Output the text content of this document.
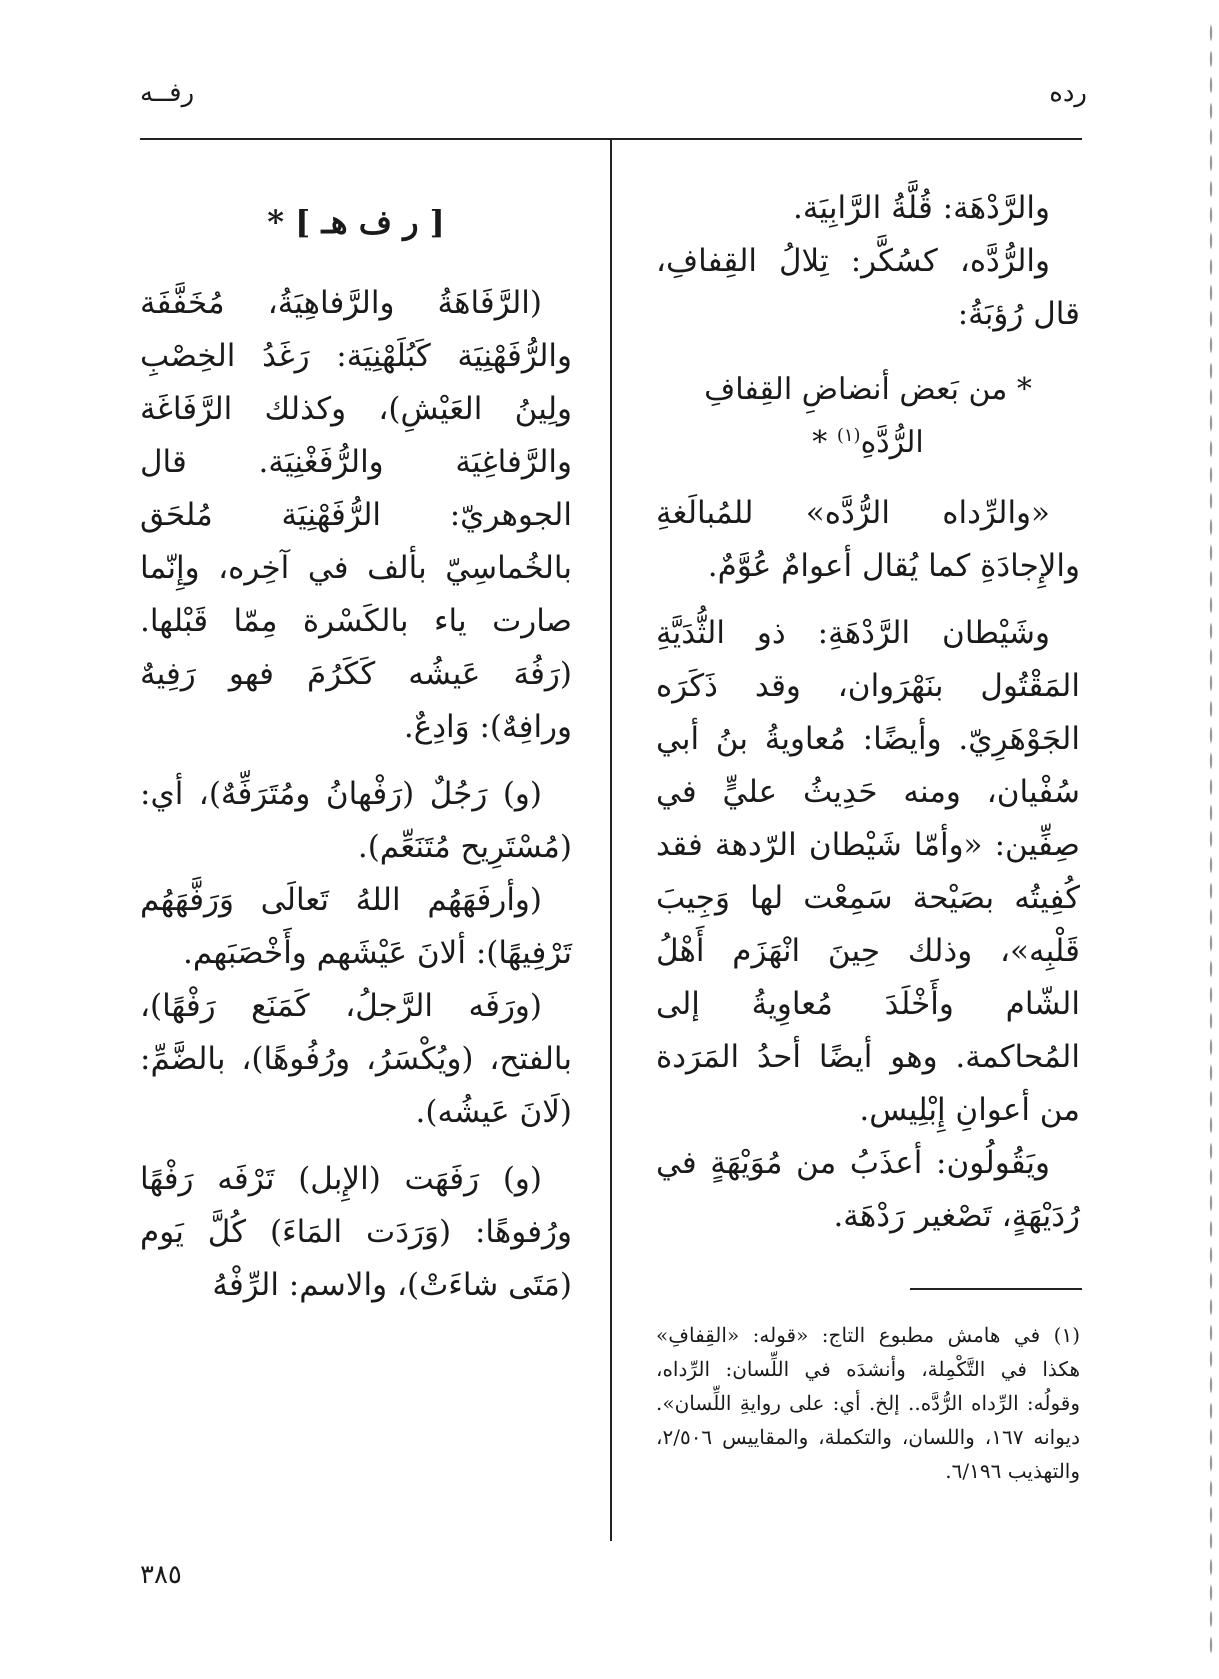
رده
رفــه

والرَّدْهَة: قُلَّةُ الرَّابِيَة.

والرُّدَّه، كسُكَّر: تِلالُ القِفافِ، قال رُؤبَةُ:

* من بَعض أنضاضِ القِفافِ الرُّدَّهِ$^{(١)}$ *

«والرِّداه الرُّدَّه» للمُبالَغةِ والإِجادَةِ كما يُقال أعوامٌ عُوَّمٌ.

وشَيْطان الرَّدْهَةِ: ذو الثُّدَيَّةِ المَقْتُول بنَهْرَوان، وقد ذَكَرَه الجَوْهَرِيّ. وأيضًا: مُعاويةُ بنُ أبي سُفْيان، ومنه حَدِيثُ عليٍّ في صِفِّين: «وأمّا شَيْطان الرّدهة فقد كُفِيتُه بصَيْحة سَمِعْت لها وَجِيبَ قَلْبِه»، وذلك حِينَ انْهَزَم أَهْلُ الشّام وأَخْلَدَ مُعاوِيةُ إلى المُحاكمة. وهو أيضًا أحدُ المَرَدة من أعوانِ إِبْلِيس.

ويَقُولُون: أعذَبُ من مُوَيْهَةٍ في رُدَيْهَةٍ، تَصْغير رَدْهَة.

(١) في هامش مطبوع التاج: «قوله: «القِفافِ» هكذا في التَّكْمِلة، وأنشدَه في اللِّسان: الرِّداه، وقولُه: الرِّداه الرُّدَّه.. إلخ. أي: على روايةِ اللِّسان». ديوانه ١٦٧، واللسان، والتكملة، والمقاييس ٢/٥٠٦، والتهذيب ٦/١٩٦.

[ ر ف هـ ] *

(الرَّفَاهَةُ والرَّفاهِيَةُ، مُخَفَّفَة والرُّفَهْنِيَة كَبُلَهْنِيَة: رَغَدُ الخِصْبِ ولِينُ العَيْشِ)، وكذلك الرَّفَاغَة والرَّفاغِيَة والرُّفَغْنِيَة. قال الجوهريّ: الرُّفَهْنِيَة مُلحَق بالخُماسِيّ بألف في آخِره، وإِنّما صارت ياء بالكَسْرة مِمّا قَبْلها. (رَفُهَ عَيشُه كَكَرُمَ فهو رَفِيهٌ ورافِهٌ): وَادِعٌ.

(و) رَجُلٌ (رَفْهانُ ومُتَرَفِّهٌ)، أي: (مُسْتَرِيح مُتَنَعِّم).

(وأرفَهَهُم اللهُ تَعالَى وَرَفَّهَهُم تَرْفِيهًا): ألانَ عَيْشَهم وأَخْصَبَهم.

(ورَفَه الرَّجلُ، كَمَنَع رَفْهًا)، بالفتح، (ويُكْسَرُ، ورُفُوهًا)، بالضَّمِّ: (لَانَ عَيشُه).

(و) رَفَهَت (الإِبل) تَرْفَه رَفْهًا ورُفوهًا: (وَرَدَت المَاءَ) كُلَّ يَوم (مَتَى شاءَتْ)، والاسم: الرِّفْهُ

٣٨٥
